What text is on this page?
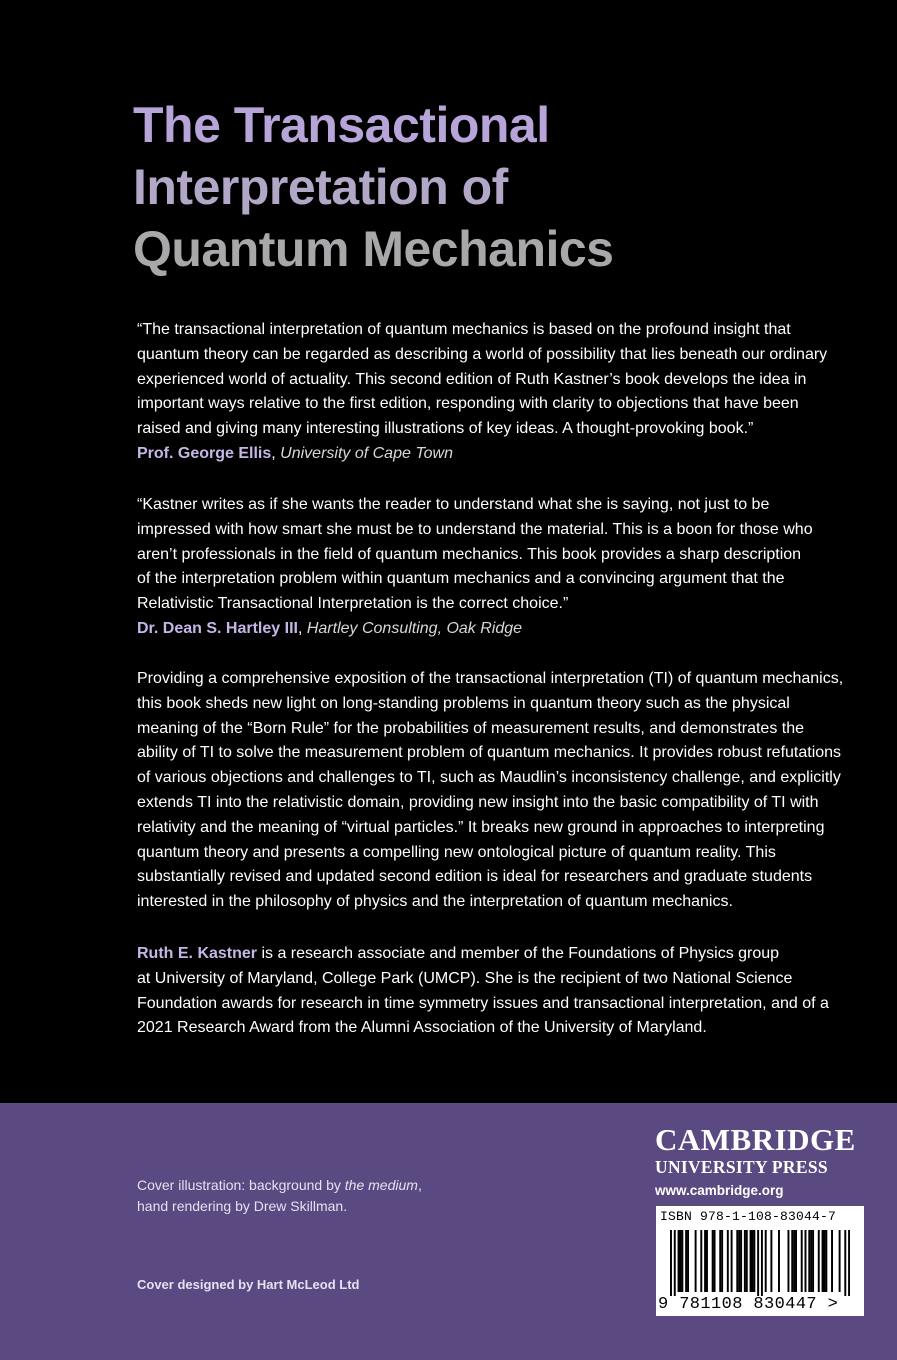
The Transactional
Interpretation of
Quantum Mechanics
“The transactional interpretation of quantum mechanics is based on the profound insight that
quantum theory can be regarded as describing a world of possibility that lies beneath our ordinary
experienced world of actuality. This second edition of Ruth Kastner’s book develops the idea in
important ways relative to the first edition, responding with clarity to objections that have been
raised and giving many interesting illustrations of key ideas. A thought-provoking book.”
Prof. George Ellis, University of Cape Town
“Kastner writes as if she wants the reader to understand what she is saying, not just to be
impressed with how smart she must be to understand the material. This is a boon for those who
aren’t professionals in the field of quantum mechanics. This book provides a sharp description
of the interpretation problem within quantum mechanics and a convincing argument that the
Relativistic Transactional Interpretation is the correct choice.”
Dr. Dean S. Hartley III, Hartley Consulting, Oak Ridge
Providing a comprehensive exposition of the transactional interpretation (TI) of quantum mechanics,
this book sheds new light on long-standing problems in quantum theory such as the physical
meaning of the “Born Rule” for the probabilities of measurement results, and demonstrates the
ability of TI to solve the measurement problem of quantum mechanics. It provides robust refutations
of various objections and challenges to TI, such as Maudlin’s inconsistency challenge, and explicitly
extends TI into the relativistic domain, providing new insight into the basic compatibility of TI with
relativity and the meaning of “virtual particles.” It breaks new ground in approaches to interpreting
quantum theory and presents a compelling new ontological picture of quantum reality. This
substantially revised and updated second edition is ideal for researchers and graduate students
interested in the philosophy of physics and the interpretation of quantum mechanics.
Ruth E. Kastner is a research associate and member of the Foundations of Physics group
at University of Maryland, College Park (UMCP). She is the recipient of two National Science
Foundation awards for research in time symmetry issues and transactional interpretation, and of a
2021 Research Award from the Alumni Association of the University of Maryland.
Cover illustration: background by the medium,
hand rendering by Drew Skillman.
Cover designed by Hart McLeod Ltd
CAMBRIDGE
UNIVERSITY PRESS
www.cambridge.org
ISBN 978-1-108-83044-7
9 781108 830447 >
